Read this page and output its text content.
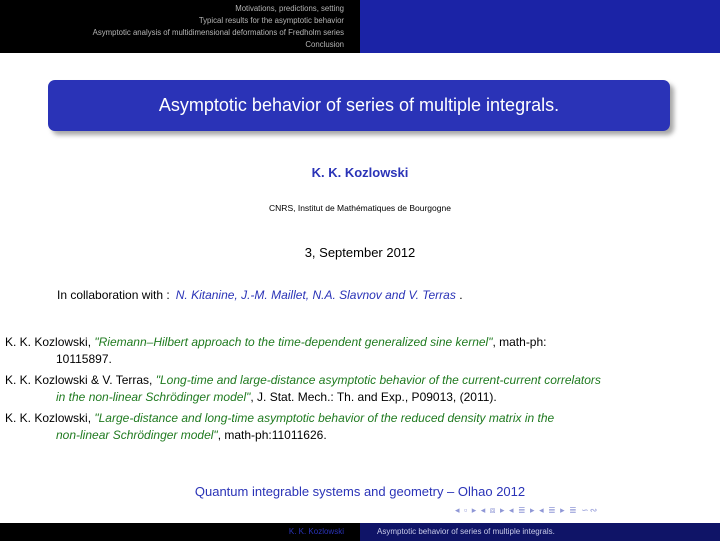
Motivations, predictions, setting
Typical results for the asymptotic behavior
Asymptotic analysis of multidimensional deformations of Fredholm series
Conclusion
Asymptotic behavior of series of multiple integrals.
K. K. Kozlowski
CNRS, Institut de Mathématiques de Bourgogne
3, September 2012
In collaboration with : N. Kitanine, J.-M. Maillet, N.A. Slavnov and V. Terras .
K. K. Kozlowski, "Riemann–Hilbert approach to the time-dependent generalized sine kernel", math-ph:
10115897.
K. K. Kozlowski & V. Terras, "Long-time and large-distance asymptotic behavior of the current-current correlators
in the non-linear Schrödinger model", J. Stat. Mech.: Th. and Exp., P09013, (2011).
K. K. Kozlowski, "Large-distance and long-time asymptotic behavior of the reduced density matrix in the
non-linear Schrödinger model", math-ph:11011626.
Quantum integrable systems and geometry – Olhao 2012
◂ ▫ ▸ ◂ ⧈ ▸ ◂ ≣ ▸ ◂ ≣ ▸ ≣ ∽∾
K. K. Kozlowski	Asymptotic behavior of series of multiple integrals.
